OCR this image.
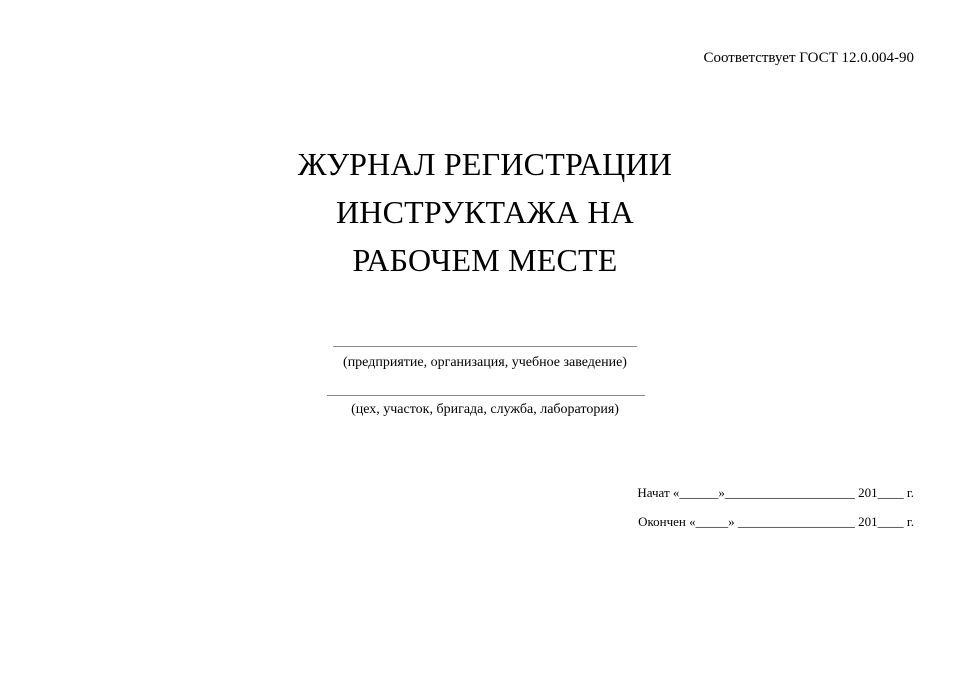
Соответствует ГОСТ 12.0.004-90
ЖУРНАЛ РЕГИСТРАЦИИ
ИНСТРУКТАЖА НА
РАБОЧЕМ МЕСТЕ
(предприятие, организация, учебное заведение)
(цех, участок, бригада, служба, лаборатория)
Начат «______»____________________ 201____ г.
Окончен «_____» __________________ 201____ г.
